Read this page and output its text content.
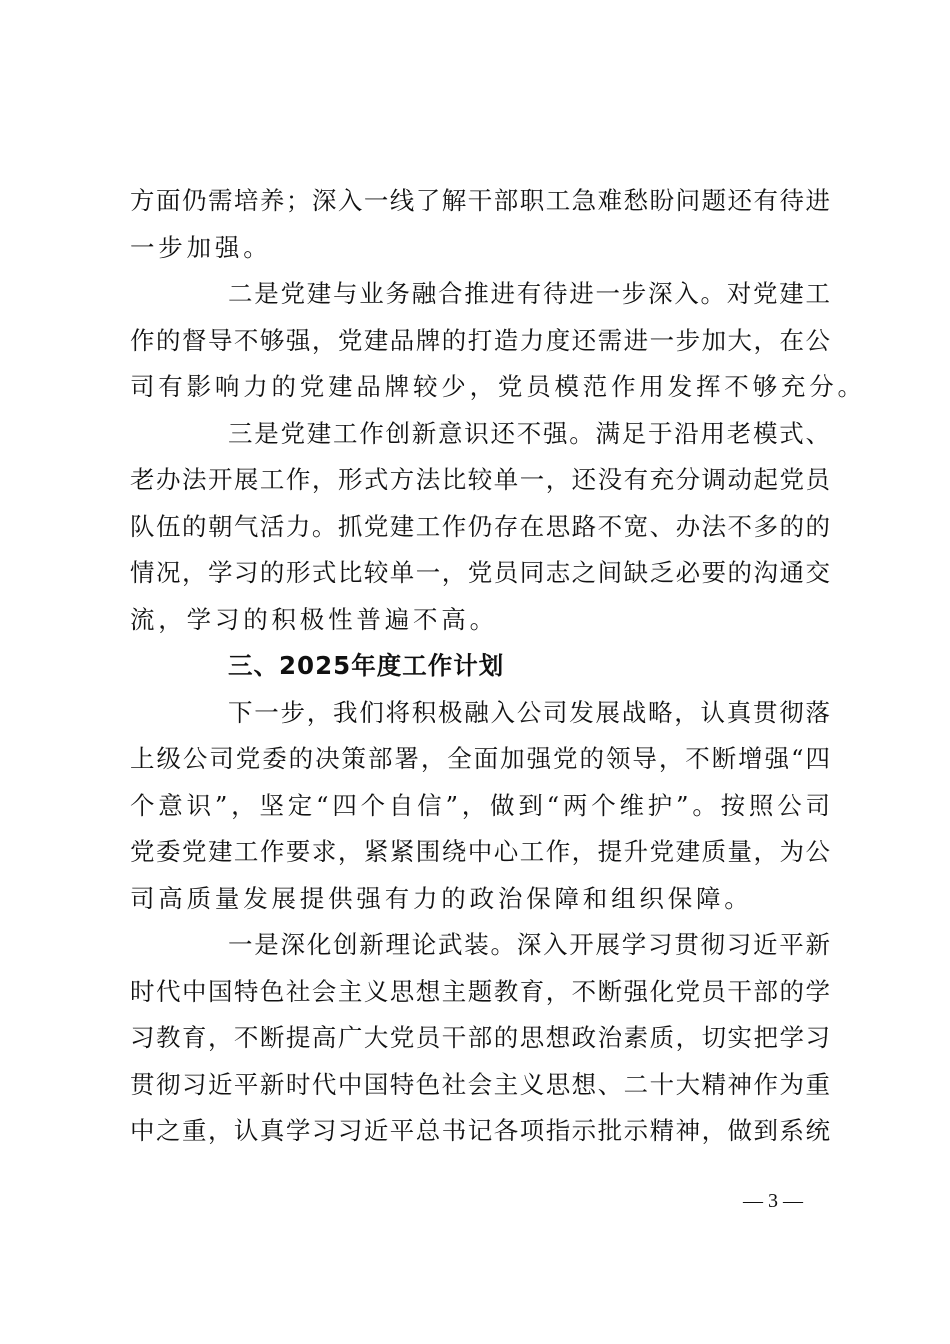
方面仍需培养；深入一线了解干部职工急难愁盼问题还有待进
一步加强。
二是党建与业务融合推进有待进一步深入。对党建工
作的督导不够强，党建品牌的打造力度还需进一步加大，在公
司有影响力的党建品牌较少，党员模范作用发挥不够充分。
三是党建工作创新意识还不强。满足于沿用老模式、
老办法开展工作，形式方法比较单一，还没有充分调动起党员
队伍的朝气活力。抓党建工作仍存在思路不宽、办法不多的的
情况，学习的形式比较单一，党员同志之间缺乏必要的沟通交
流，学习的积极性普遍不高。
三、2025年度工作计划
下一步，我们将积极融入公司发展战略，认真贯彻落
上级公司党委的决策部署，全面加强党的领导，不断增强“四
个意识”，坚定“四个自信”，做到“两个维护”。按照公司
党委党建工作要求，紧紧围绕中心工作，提升党建质量，为公
司高质量发展提供强有力的政治保障和组织保障。
一是深化创新理论武装。深入开展学习贯彻习近平新
时代中国特色社会主义思想主题教育，不断强化党员干部的学
习教育，不断提高广大党员干部的思想政治素质，切实把学习
贯彻习近平新时代中国特色社会主义思想、二十大精神作为重
中之重，认真学习习近平总书记各项指示批示精神，做到系统
— 3 —
